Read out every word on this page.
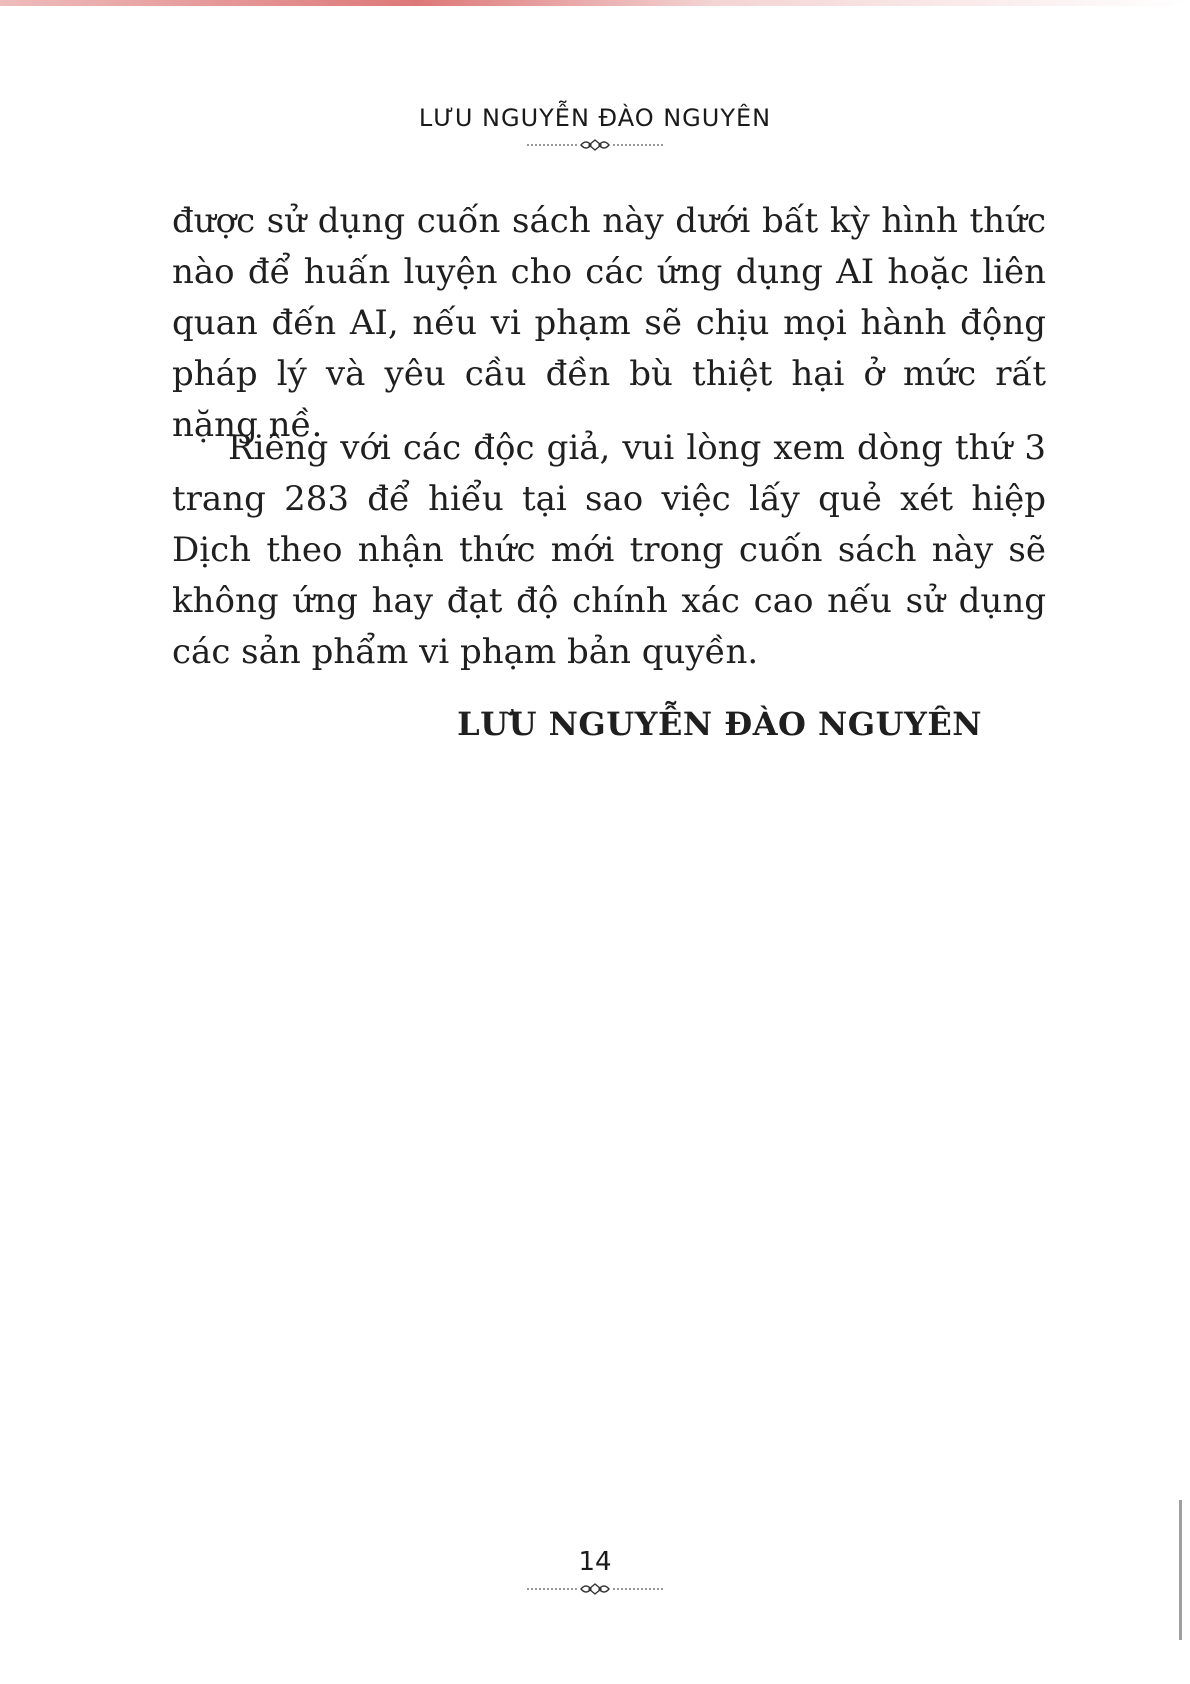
LƯU NGUYỄN ĐÀO NGUYÊN

được sử dụng cuốn sách này dưới bất kỳ hình thức nào để huấn luyện cho các ứng dụng AI hoặc liên quan đến AI, nếu vi phạm sẽ chịu mọi hành động pháp lý và yêu cầu đền bù thiệt hại ở mức rất nặng nề.

Riêng với các độc giả, vui lòng xem dòng thứ 3 trang 283 để hiểu tại sao việc lấy quẻ xét hiệp Dịch theo nhận thức mới trong cuốn sách này sẽ không ứng hay đạt độ chính xác cao nếu sử dụng các sản phẩm vi phạm bản quyền.

LƯU NGUYỄN ĐÀO NGUYÊN

14
